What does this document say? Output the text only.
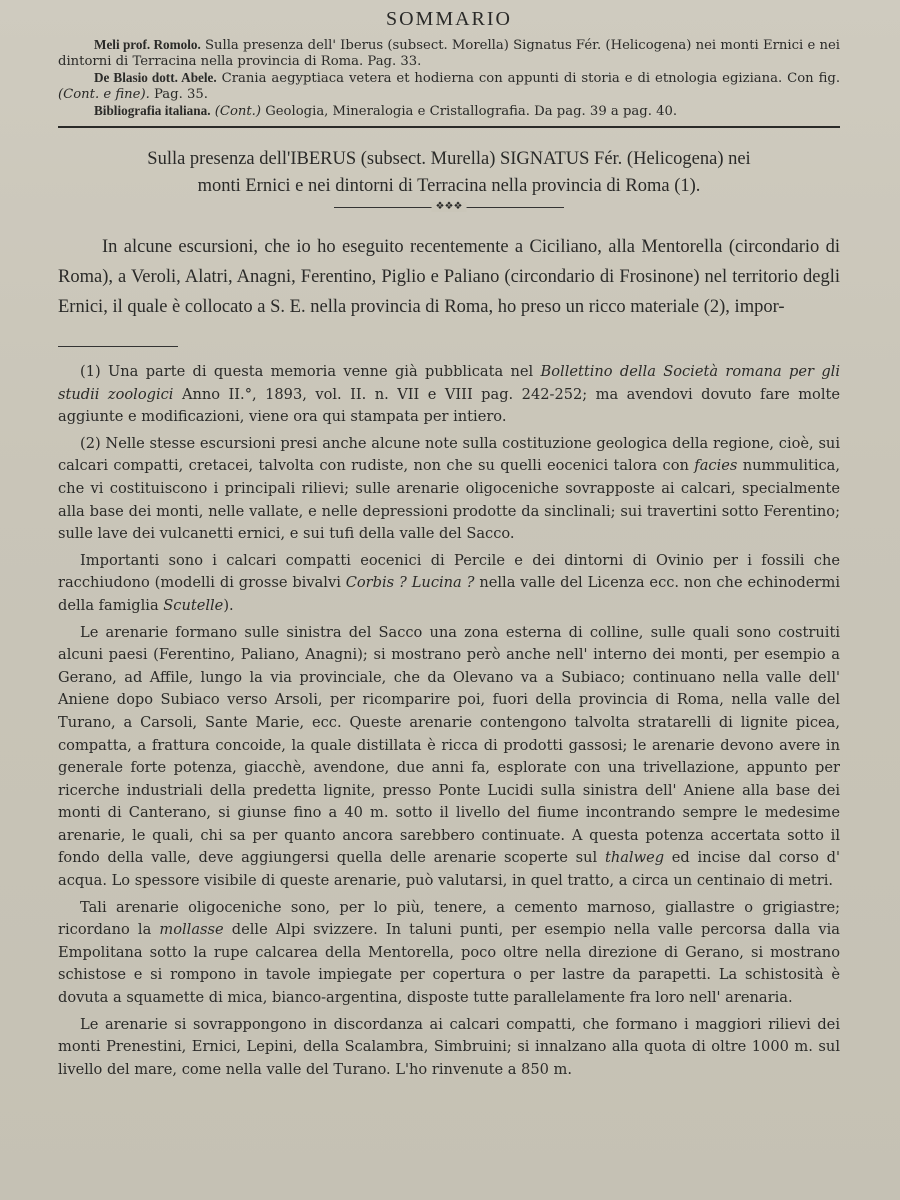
SOMMARIO
Meli prof. Romolo. Sulla presenza dell' Iberus (subsect. Morella) Signatus Fér. (Helicogena) nei monti Ernici e nei dintorni di Terracina nella provincia di Roma. Pag. 33.
De Blasio dott. Abele. Crania aegyptiaca vetera et hodierna con appunti di storia e di etnologia egiziana. Con fig. (Cont. e fine). Pag. 35.
Bibliografia italiana. (Cont.) Geologia, Mineralogia e Cristallografia. Da pag. 39 a pag. 40.
Sulla presenza dell'IBERUS (subsect. Murella) SIGNATUS Fér. (Helicogena) nei
monti Ernici e nei dintorni di Terracina nella provincia di Roma (1).
❖❖❖

In alcune escursioni, che io ho eseguito recentemente a Ciciliano, alla Mentorella (circondario di Roma), a Veroli, Alatri, Anagni, Ferentino, Piglio e Paliano (circondario di Frosinone) nel territorio degli Ernici, il quale è collocato a S. E. nella provincia di Roma, ho preso un ricco materiale (2), impor-

(1) Una parte di questa memoria venne già pubblicata nel Bollettino della Società romana per gli studii zoologici Anno II.°, 1893, vol. II. n. VII e VIII pag. 242-252; ma avendovi dovuto fare molte aggiunte e modificazioni, viene ora qui stampata per intiero.

(2) Nelle stesse escursioni presi anche alcune note sulla costituzione geologica della regione, cioè, sui calcari compatti, cretacei, talvolta con rudiste, non che su quelli eocenici talora con facies nummulitica, che vi costituiscono i principali rilievi; sulle arenarie oligoceniche sovrapposte ai calcari, specialmente alla base dei monti, nelle vallate, e nelle depressioni prodotte da sinclinali; sui travertini sotto Ferentino; sulle lave dei vulcanetti ernici, e sui tufi della valle del Sacco.

Importanti sono i calcari compatti eocenici di Percile e dei dintorni di Ovinio per i fossili che racchiudono (modelli di grosse bivalvi Corbis ? Lucina ? nella valle del Licenza ecc. non che echinodermi della famiglia Scutelle).

Le arenarie formano sulle sinistra del Sacco una zona esterna di colline, sulle quali sono costruiti alcuni paesi (Ferentino, Paliano, Anagni); si mostrano però anche nell' interno dei monti, per esempio a Gerano, ad Affile, lungo la via provinciale, che da Olevano va a Subiaco; continuano nella valle dell' Aniene dopo Subiaco verso Arsoli, per ricomparire poi, fuori della provincia di Roma, nella valle del Turano, a Carsoli, Sante Marie, ecc. Queste arenarie contengono talvolta stratarelli di lignite picea, compatta, a frattura concoide, la quale distillata è ricca di prodotti gassosi; le arenarie devono avere in generale forte potenza, giacchè, avendone, due anni fa, esplorate con una trivellazione, appunto per ricerche industriali della predetta lignite, presso Ponte Lucidi sulla sinistra dell' Aniene alla base dei monti di Canterano, si giunse fino a 40 m. sotto il livello del fiume incontrando sempre le medesime arenarie, le quali, chi sa per quanto ancora sarebbero continuate. A questa potenza accertata sotto il fondo della valle, deve aggiungersi quella delle arenarie scoperte sul thalweg ed incise dal corso d' acqua. Lo spessore visibile di queste arenarie, può valutarsi, in quel tratto, a circa un centinaio di metri.

Tali arenarie oligoceniche sono, per lo più, tenere, a cemento marnoso, giallastre o grigiastre; ricordano la mollasse delle Alpi svizzere. In taluni punti, per esempio nella valle percorsa dalla via Empolitana sotto la rupe calcarea della Mentorella, poco oltre nella direzione di Gerano, si mostrano schistose e si rompono in tavole impiegate per copertura o per lastre da parapetti. La schistosità è dovuta a squamette di mica, bianco-argentina, disposte tutte parallelamente fra loro nell' arenaria.

Le arenarie si sovrappongono in discordanza ai calcari compatti, che formano i maggiori rilievi dei monti Prenestini, Ernici, Lepini, della Scalambra, Simbruini; si innalzano alla quota di oltre 1000 m. sul livello del mare, come nella valle del Turano. L'ho rinvenute a 850 m.
